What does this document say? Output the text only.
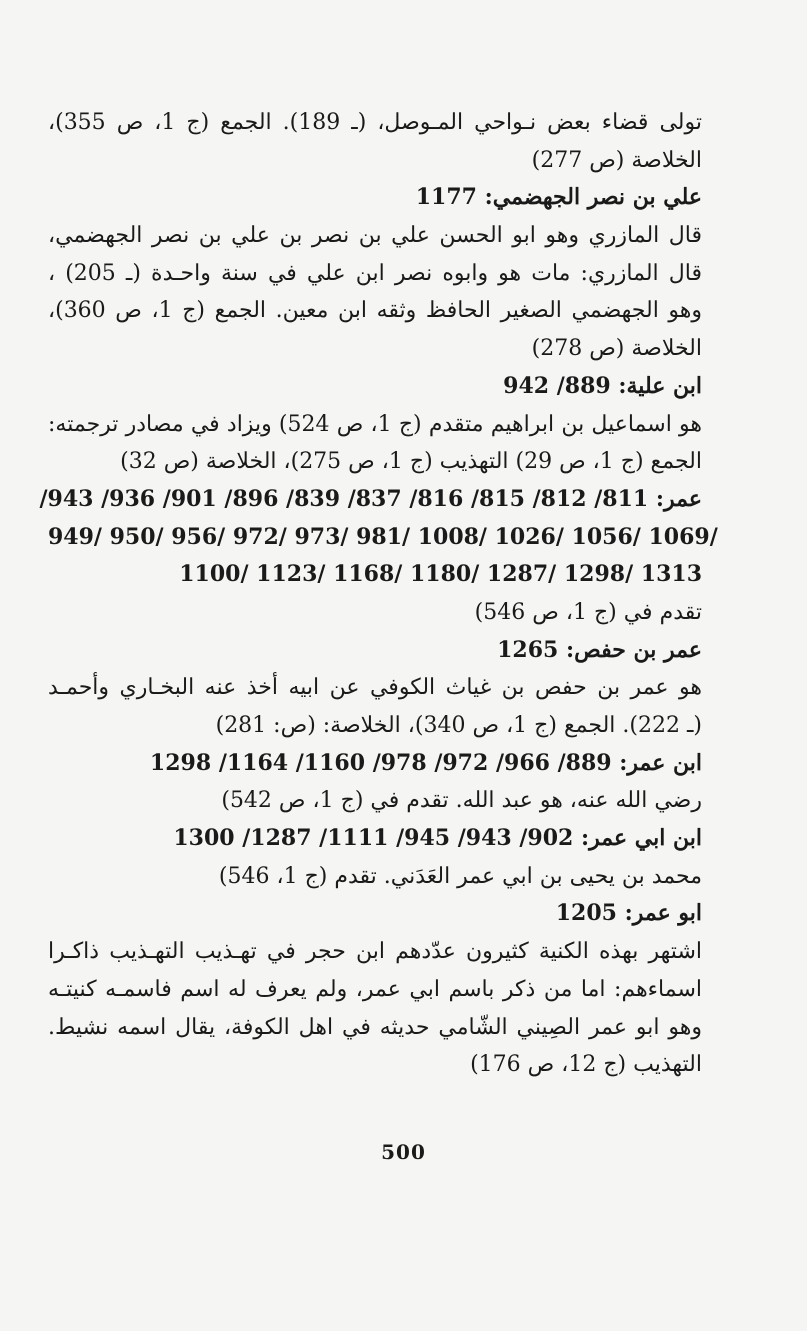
تولى قضاء بعض نـواحي المـوصل، (ـ 189). الجمع (ج 1، ص 355)،
الخلاصة (ص 277)
علي بن نصر الجهضمي: 1177
قال المازري وهو ابو الحسن علي بن نصر بن علي بن نصر الجهضمي،
قال المازري: مات هو وابوه نصر ابن علي في سنة واحـدة (ـ 205) ،
وهو الجهضمي الصغير الحافظ وثقه ابن معين. الجمع (ج 1، ص 360)،
الخلاصة (ص 278)
ابن علية: 889/ 942
هو اسماعيل بن ابراهيم متقدم (ج 1، ص 524) ويزاد في مصادر ترجمته:
الجمع (ج 1، ص 29) التهذيب (ج 1، ص 275)، الخلاصة (ص 32)
عمر: 811/ 812/ 815/ 816/ 837/ 839/ 896/ 901/ 936/ 943/
949/ 950/ 956/ 972/ 973/ 981/ 1008/ 1026/ 1056/ 1069/
1100/ 1123/ 1168/ 1180/ 1287/ 1298/ 1313
تقدم في (ج 1، ص 546)
عمر بن حفص: 1265
هو عمر بن حفص بن غياث الكوفي عن ابيه أخذ عنه البخـاري وأحمـد
(ـ 222). الجمع (ج 1، ص 340)، الخلاصة: (ص: 281)
ابن عمر: 889/ 966/ 972/ 978/ 1160/ 1164/ 1298
رضي الله عنه، هو عبد الله. تقدم في (ج 1، ص 542)
ابن ابي عمر: 902/ 943/ 945/ 1111/ 1287/ 1300
محمد بن يحيى بن ابي عمر العَدَني. تقدم (ج 1، 546)
ابو عمر: 1205
اشتهر بهذه الكنية كثيرون عدّدهم ابن حجر في تهـذيب التهـذيب ذاكـرا
اسماءهم: اما من ذكر باسم ابي عمر، ولم يعرف له اسم فاسمـه كنيتـه
وهو ابو عمر الصِيني الشّامي حديثه في اهل الكوفة، يقال اسمه نشيط.
التهذيب (ج 12، ص 176)
500
